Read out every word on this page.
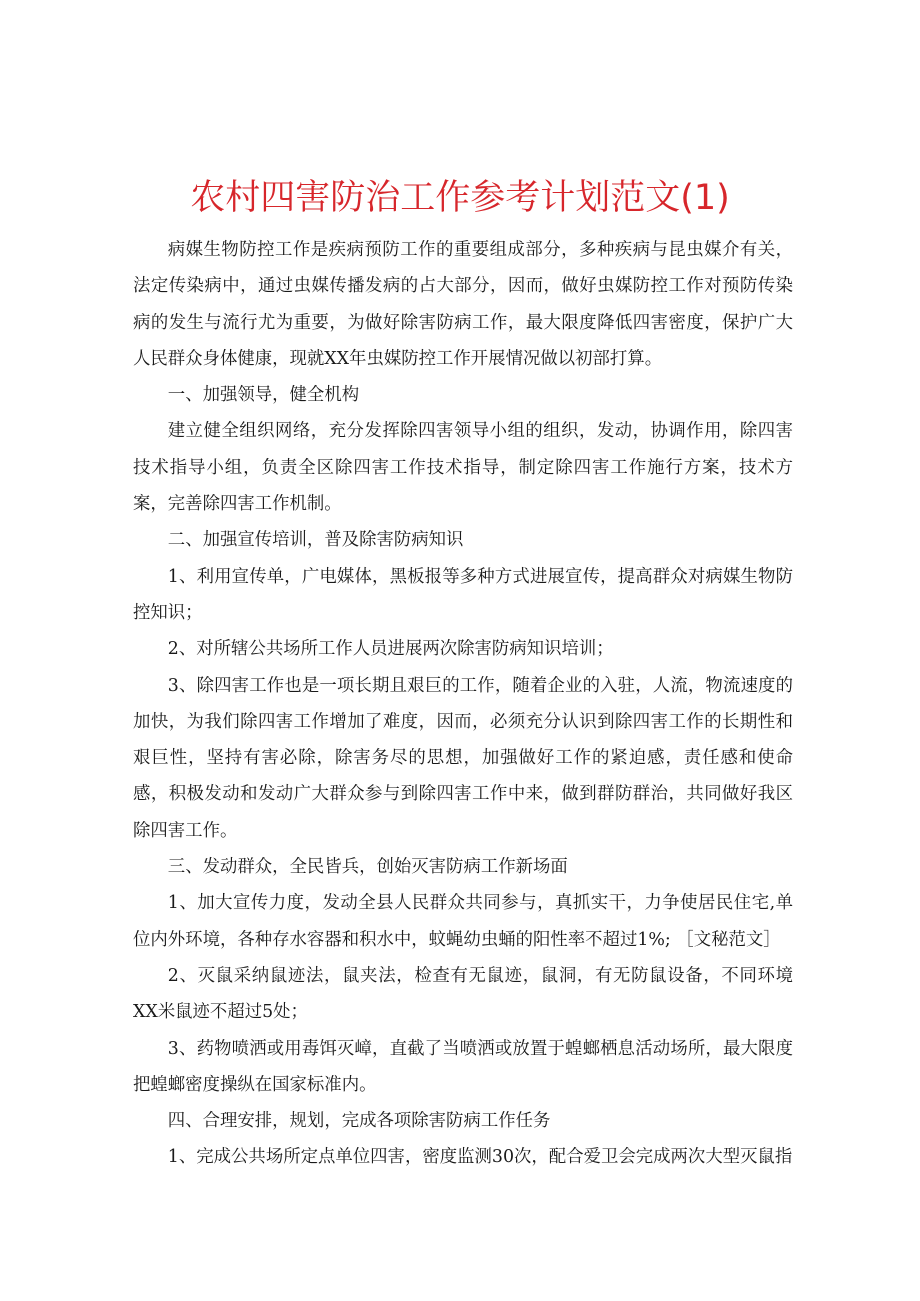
农村四害防治工作参考计划范文(1)

病媒生物防控工作是疾病预防工作的重要组成部分，多种疾病与昆虫媒介有关，法定传染病中，通过虫媒传播发病的占大部分，因而，做好虫媒防控工作对预防传染病的发生与流行尤为重要，为做好除害防病工作，最大限度降低四害密度，保护广大人民群众身体健康，现就XX年虫媒防控工作开展情况做以初部打算。

一、加强领导，健全机构

建立健全组织网络，充分发挥除四害领导小组的组织，发动，协调作用，除四害技术指导小组，负责全区除四害工作技术指导，制定除四害工作施行方案，技术方案，完善除四害工作机制。

二、加强宣传培训，普及除害防病知识

1、利用宣传单，广电媒体，黑板报等多种方式进展宣传，提高群众对病媒生物防控知识；

2、对所辖公共场所工作人员进展两次除害防病知识培训；

3、除四害工作也是一项长期且艰巨的工作，随着企业的入驻，人流，物流速度的加快，为我们除四害工作增加了难度，因而，必须充分认识到除四害工作的长期性和艰巨性，坚持有害必除，除害务尽的思想，加强做好工作的紧迫感，责任感和使命感，积极发动和发动广大群众参与到除四害工作中来，做到群防群治，共同做好我区除四害工作。

三、发动群众，全民皆兵，创始灭害防病工作新场面

1、加大宣传力度，发动全县人民群众共同参与，真抓实干，力争使居民住宅,单位内外环境，各种存水容器和积水中，蚊蝇幼虫蛹的阳性率不超过1%; ［文秘范文］

2、灭鼠采纳鼠迹法，鼠夹法，检查有无鼠迹，鼠洞，有无防鼠设备，不同环境XX米鼠迹不超过5处；

3、药物喷洒或用毒饵灭嶂，直截了当喷洒或放置于蝗螂栖息活动场所，最大限度把蝗螂密度操纵在国家标准内。

四、合理安排，规划，完成各项除害防病工作任务

1、完成公共场所定点单位四害，密度监测30次，配合爱卫会完成两次大型灭鼠指
